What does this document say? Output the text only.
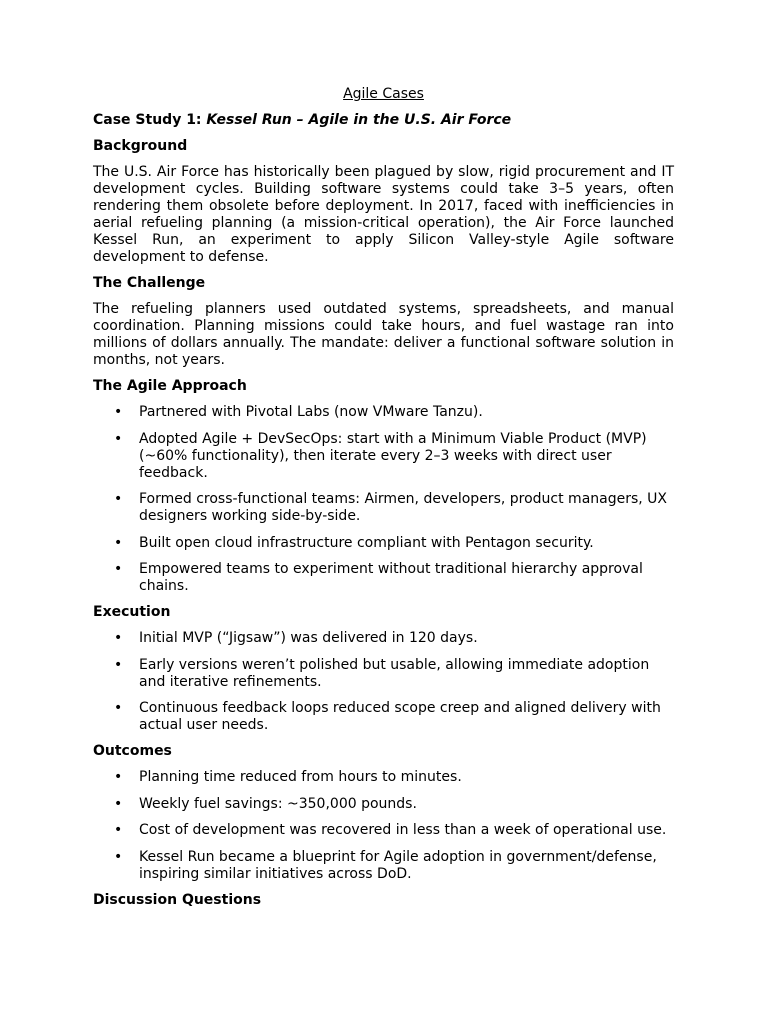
Agile Cases
Case Study 1: Kessel Run – Agile in the U.S. Air Force
Background

The U.S. Air Force has historically been plagued by slow, rigid procurement and IT development cycles. Building software systems could take 3–5 years, often rendering them obsolete before deployment. In 2017, faced with inefficiencies in aerial refueling planning (a mission-critical operation), the Air Force launched Kessel Run, an experiment to apply Silicon Valley-style Agile software development to defense.

The Challenge

The refueling planners used outdated systems, spreadsheets, and manual coordination. Planning missions could take hours, and fuel wastage ran into millions of dollars annually. The mandate: deliver a functional software solution in months, not years.

The Agile Approach
• Partnered with Pivotal Labs (now VMware Tanzu).
• Adopted Agile + DevSecOps: start with a Minimum Viable Product (MVP) (~60% functionality), then iterate every 2–3 weeks with direct user feedback.
• Formed cross-functional teams: Airmen, developers, product managers, UX designers working side-by-side.
• Built open cloud infrastructure compliant with Pentagon security.
• Empowered teams to experiment without traditional hierarchy approval chains.
Execution
• Initial MVP (“Jigsaw”) was delivered in 120 days.
• Early versions weren’t polished but usable, allowing immediate adoption and iterative refinements.
• Continuous feedback loops reduced scope creep and aligned delivery with actual user needs.
Outcomes
• Planning time reduced from hours to minutes.
• Weekly fuel savings: ~350,000 pounds.
• Cost of development was recovered in less than a week of operational use.
• Kessel Run became a blueprint for Agile adoption in government/defense, inspiring similar initiatives across DoD.
Discussion Questions
